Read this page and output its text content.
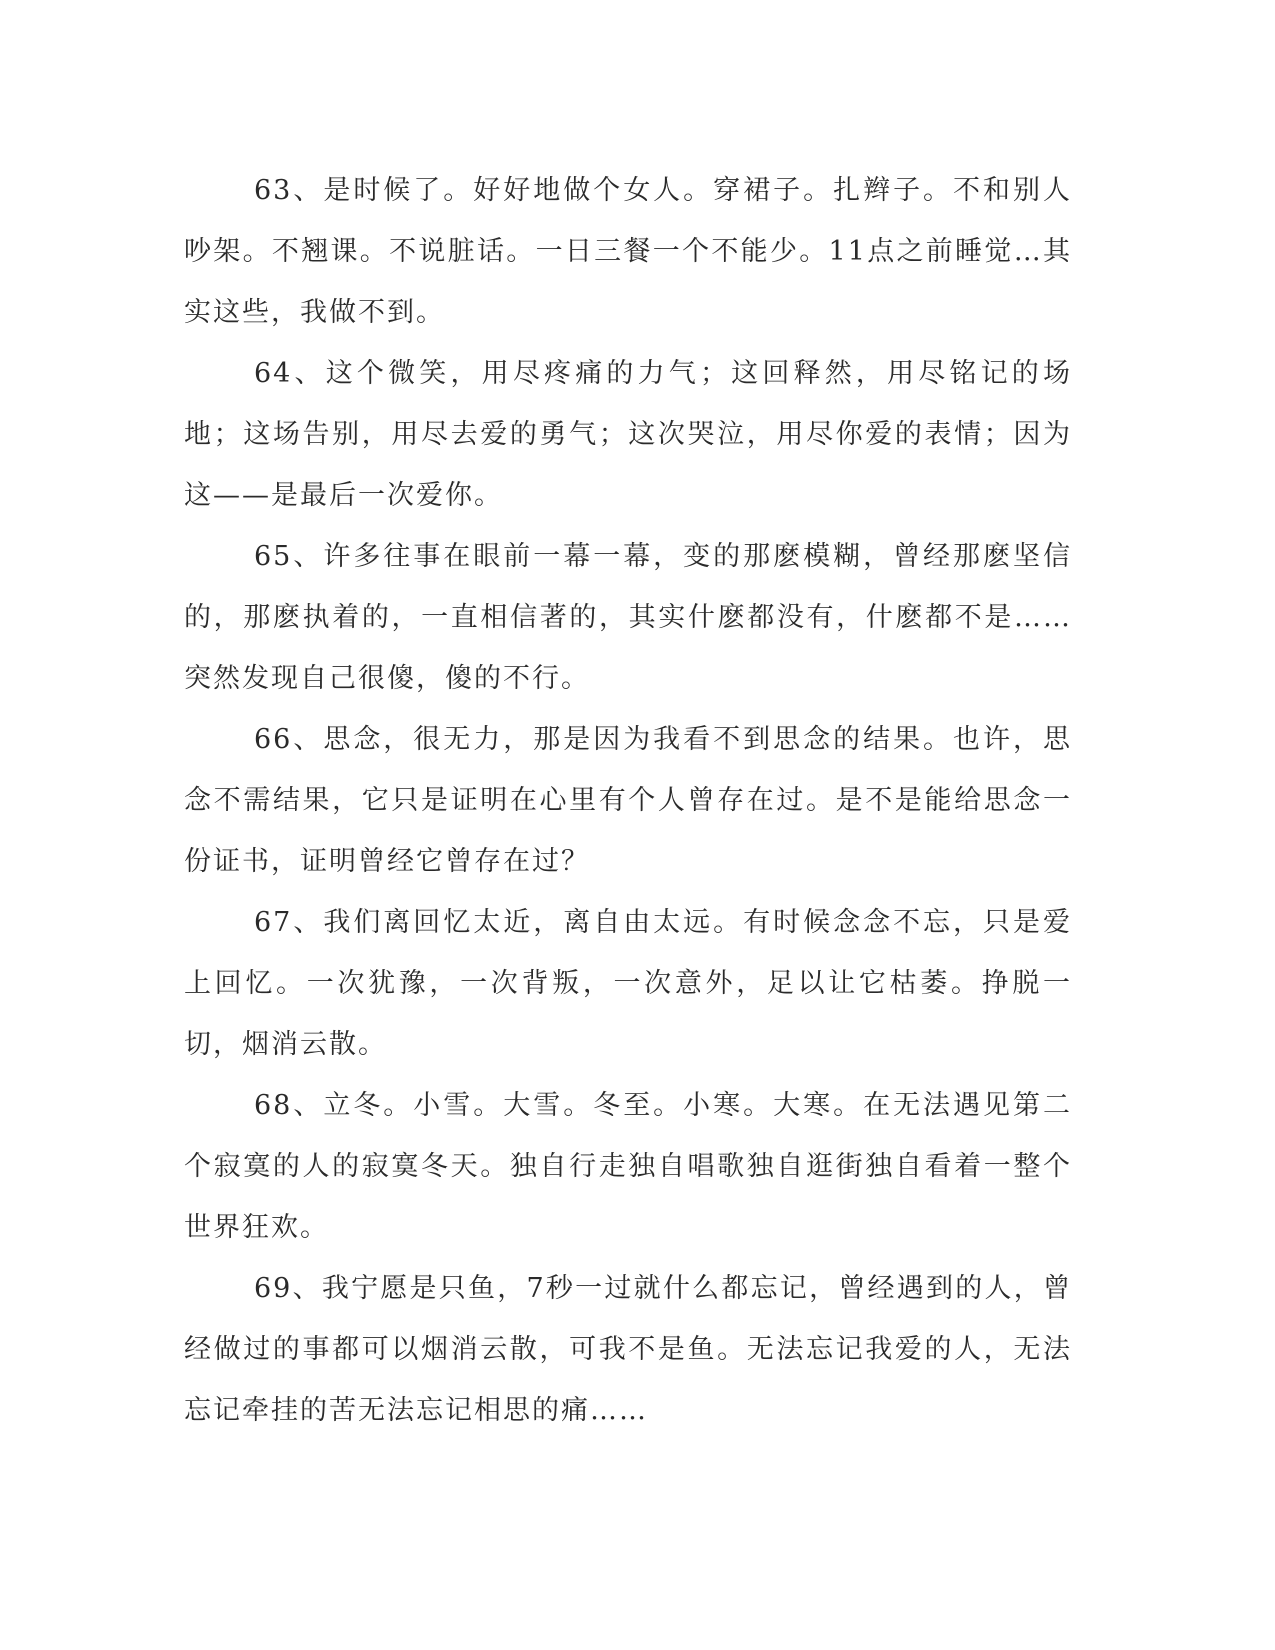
63、是时候了。好好地做个女人。穿裙子。扎辫子。不和别人吵架。不翘课。不说脏话。一日三餐一个不能少。11点之前睡觉…其实这些，我做不到。

64、这个微笑，用尽疼痛的力气；这回释然，用尽铭记的场地；这场告别，用尽去爱的勇气；这次哭泣，用尽你爱的表情；因为这——是最后一次爱你。

65、许多往事在眼前一幕一幕，变的那麽模糊，曾经那麽坚信的，那麽执着的，一直相信著的，其实什麽都没有，什麽都不是……突然发现自己很傻，傻的不行。

66、思念，很无力，那是因为我看不到思念的结果。也许，思念不需结果，它只是证明在心里有个人曾存在过。是不是能给思念一份证书，证明曾经它曾存在过？

67、我们离回忆太近，离自由太远。有时候念念不忘，只是爱上回忆。一次犹豫，一次背叛，一次意外，足以让它枯萎。挣脱一切，烟消云散。

68、立冬。小雪。大雪。冬至。小寒。大寒。在无法遇见第二个寂寞的人的寂寞冬天。独自行走独自唱歌独自逛街独自看着一整个世界狂欢。

69、我宁愿是只鱼，7秒一过就什么都忘记，曾经遇到的人，曾经做过的事都可以烟消云散，可我不是鱼。无法忘记我爱的人，无法忘记牵挂的苦无法忘记相思的痛……
